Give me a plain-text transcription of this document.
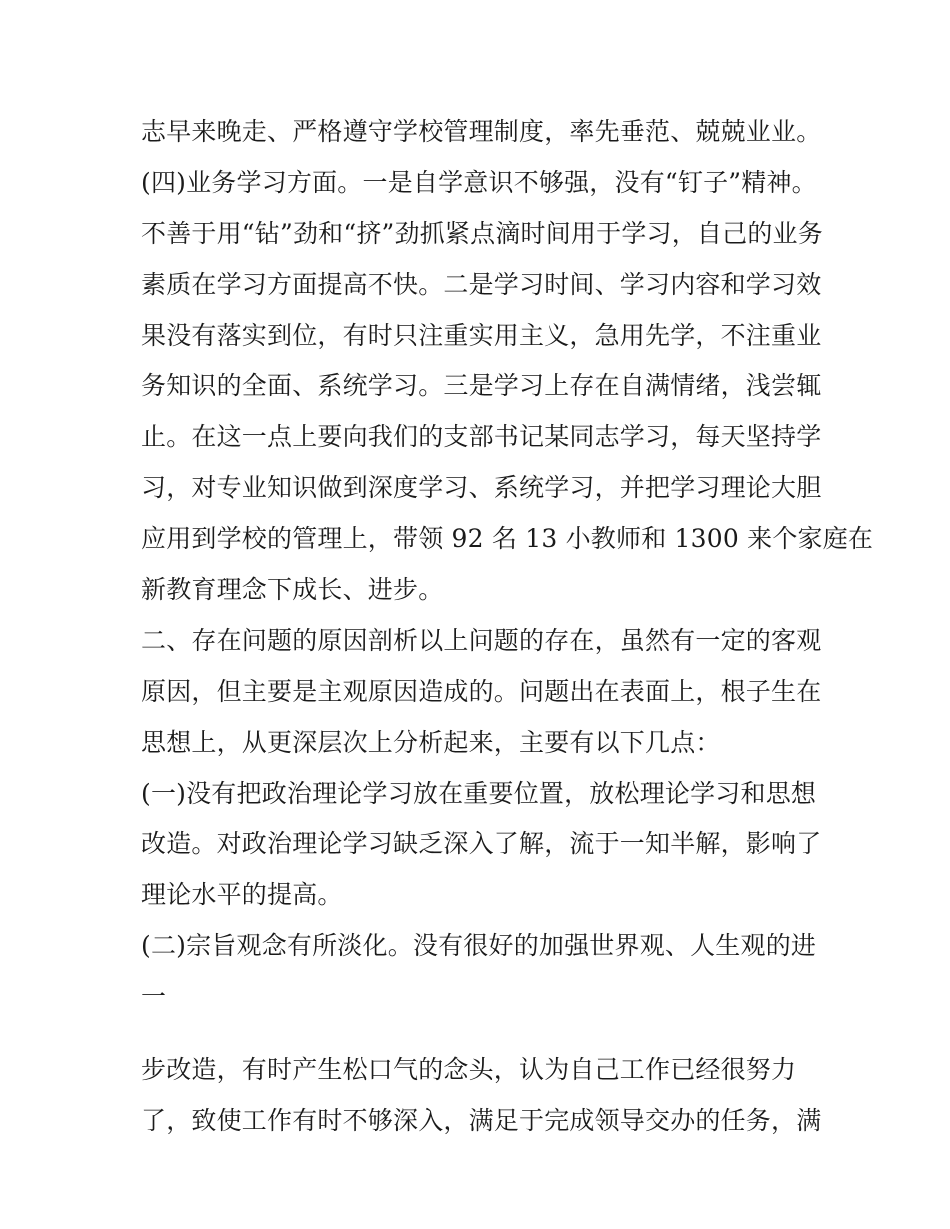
志早来晚走、严格遵守学校管理制度，率先垂范、兢兢业业。
(四)业务学习方面。一是自学意识不够强，没有“钉子”精神。
不善于用“钻”劲和“挤”劲抓紧点滴时间用于学习，自己的业务
素质在学习方面提高不快。二是学习时间、学习内容和学习效
果没有落实到位，有时只注重实用主义，急用先学，不注重业
务知识的全面、系统学习。三是学习上存在自满情绪，浅尝辄
止。在这一点上要向我们的支部书记某同志学习，每天坚持学
习，对专业知识做到深度学习、系统学习，并把学习理论大胆
应用到学校的管理上，带领 92 名 13 小教师和 1300 来个家庭在
新教育理念下成长、进步。
二、存在问题的原因剖析以上问题的存在，虽然有一定的客观
原因，但主要是主观原因造成的。问题出在表面上，根子生在
思想上，从更深层次上分析起来，主要有以下几点：
(一)没有把政治理论学习放在重要位置，放松理论学习和思想
改造。对政治理论学习缺乏深入了解，流于一知半解，影响了
理论水平的提高。
(二)宗旨观念有所淡化。没有很好的加强世界观、人生观的进
一
步改造，有时产生松口气的念头，认为自己工作已经很努力
了，致使工作有时不够深入，满足于完成领导交办的任务，满
